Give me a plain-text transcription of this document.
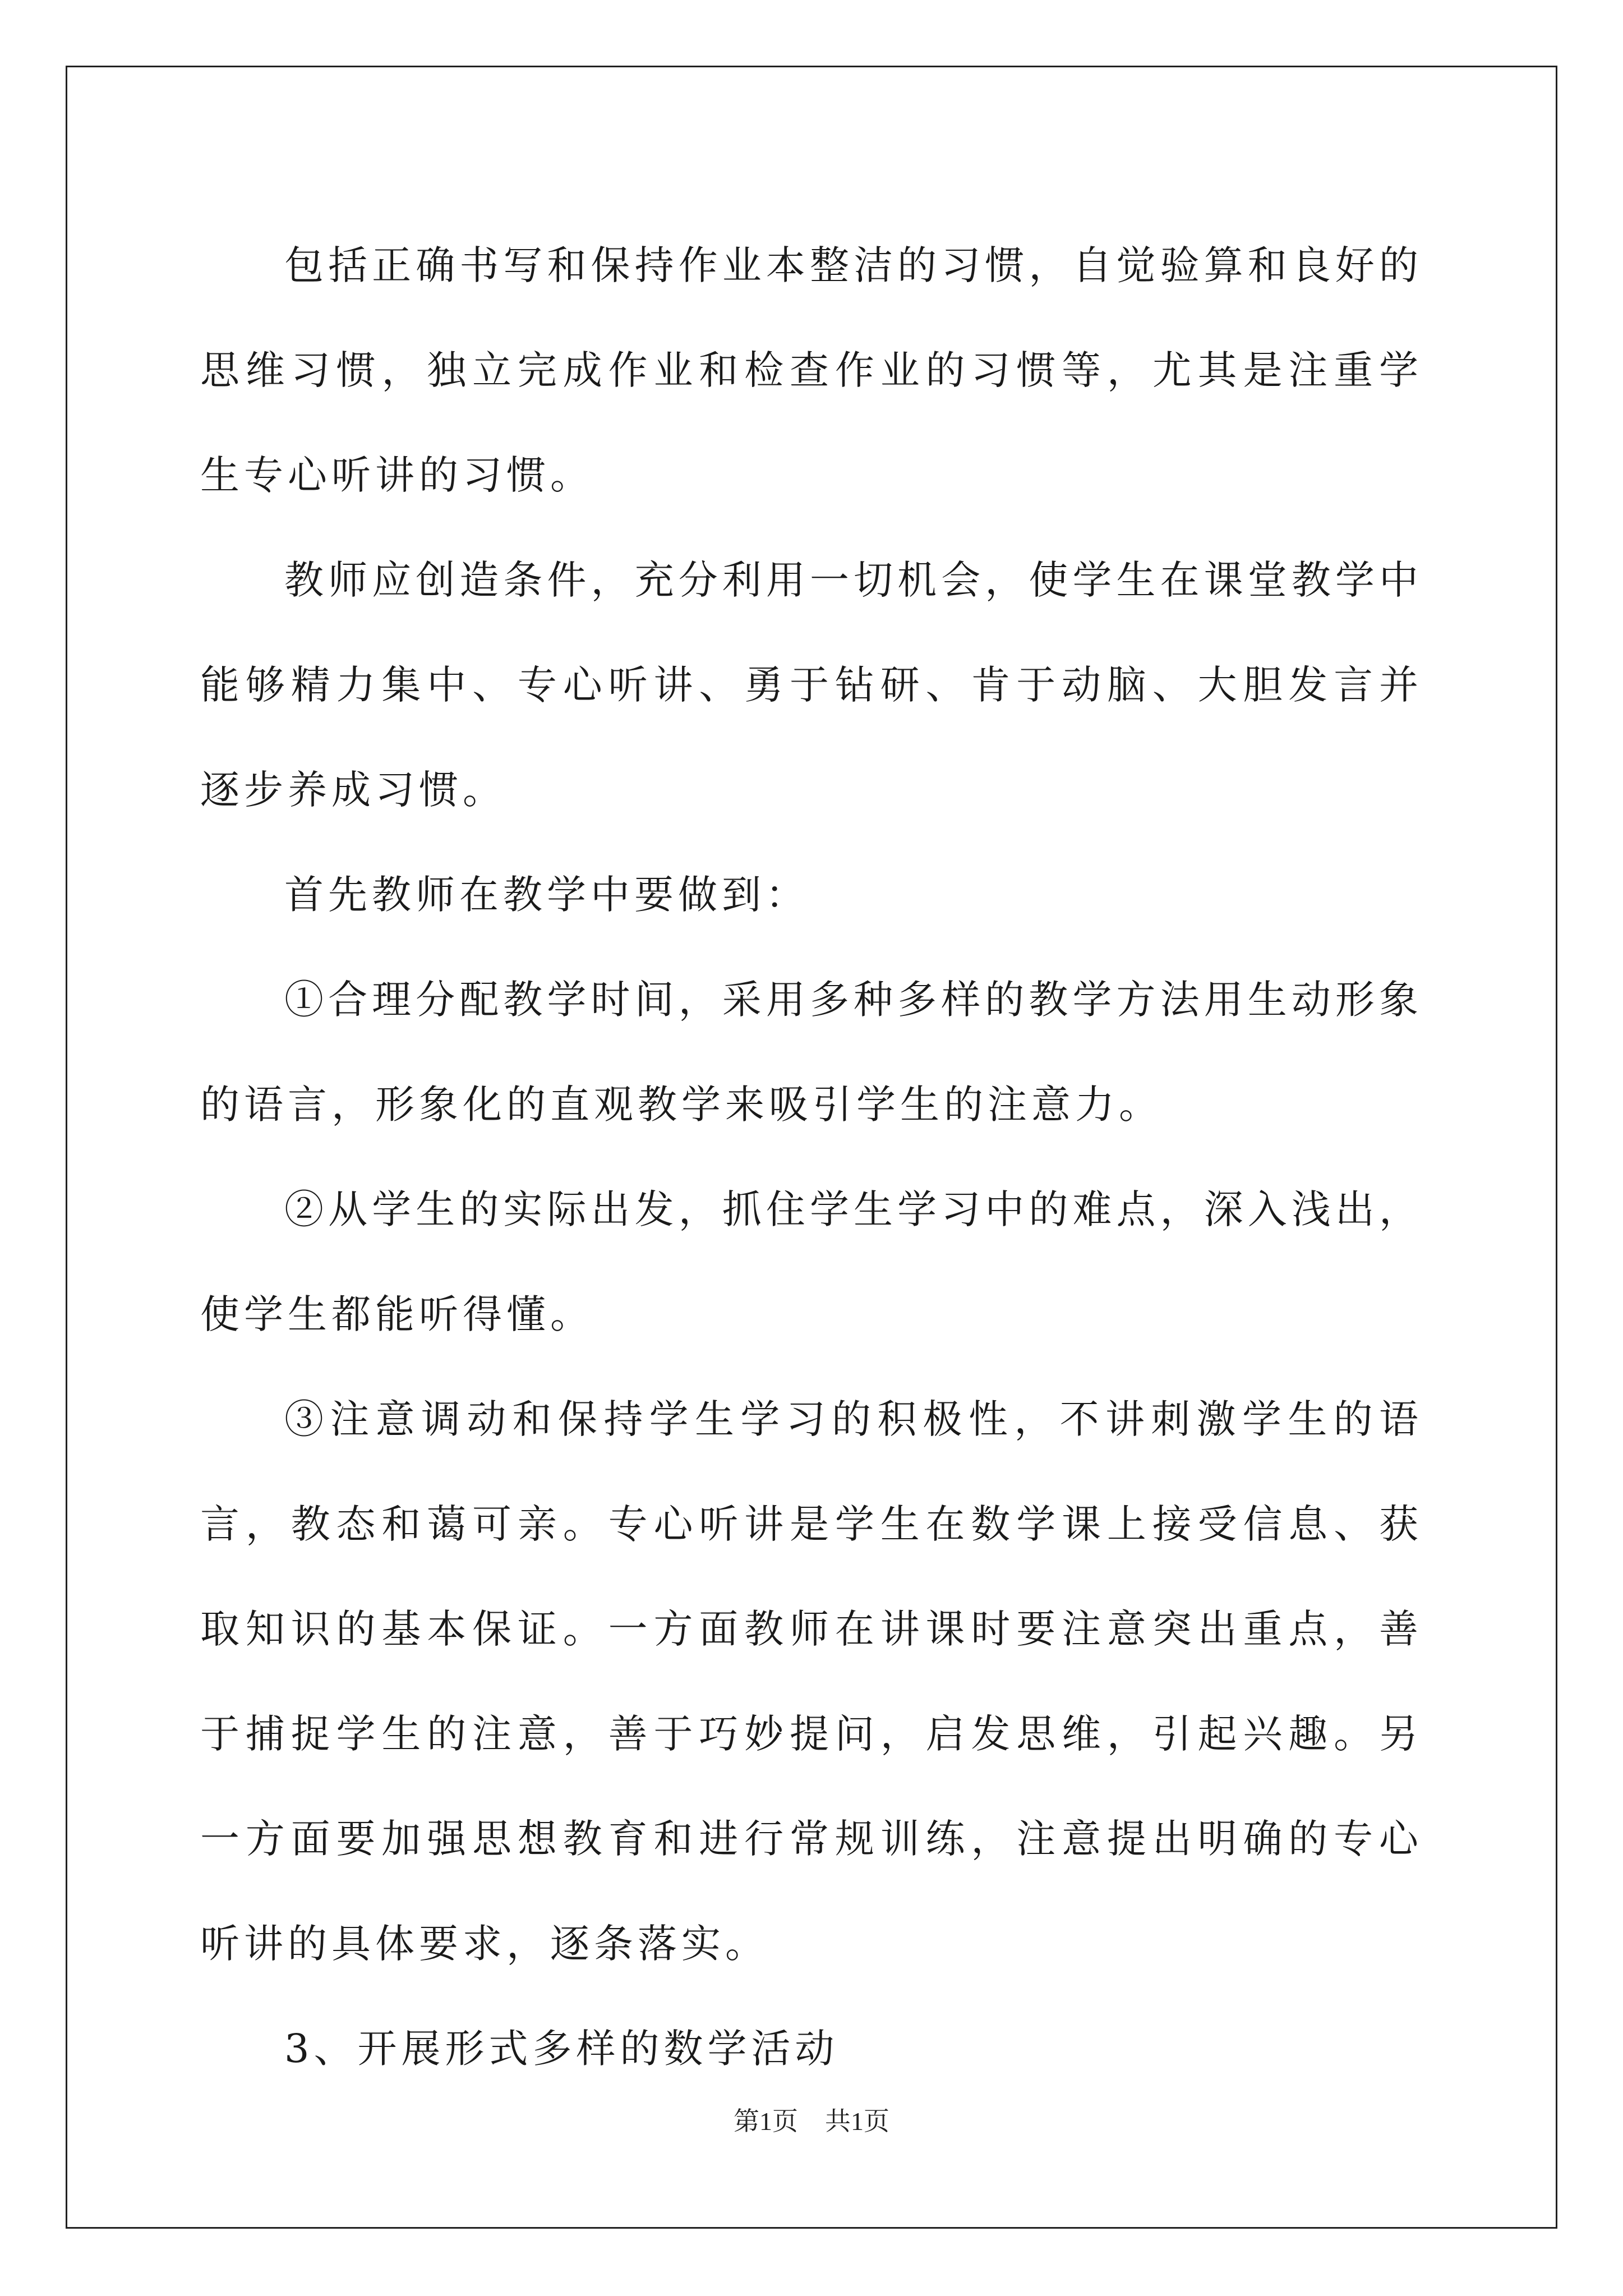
包括正确书写和保持作业本整洁的习惯，自觉验算和良好的思维习惯，独立完成作业和检查作业的习惯等，尤其是注重学生专心听讲的习惯。

教师应创造条件，充分利用一切机会，使学生在课堂教学中能够精力集中、专心听讲、勇于钻研、肯于动脑、大胆发言并逐步养成习惯。

首先教师在教学中要做到：

①合理分配教学时间，采用多种多样的教学方法用生动形象的语言，形象化的直观教学来吸引学生的注意力。

②从学生的实际出发，抓住学生学习中的难点，深入浅出，使学生都能听得懂。

③注意调动和保持学生学习的积极性，不讲刺激学生的语言，教态和蔼可亲。专心听讲是学生在数学课上接受信息、获取知识的基本保证。一方面教师在讲课时要注意突出重点，善于捕捉学生的注意，善于巧妙提问，启发思维，引起兴趣。另一方面要加强思想教育和进行常规训练，注意提出明确的专心听讲的具体要求，逐条落实。

3、开展形式多样的数学活动

第1页 共1页
